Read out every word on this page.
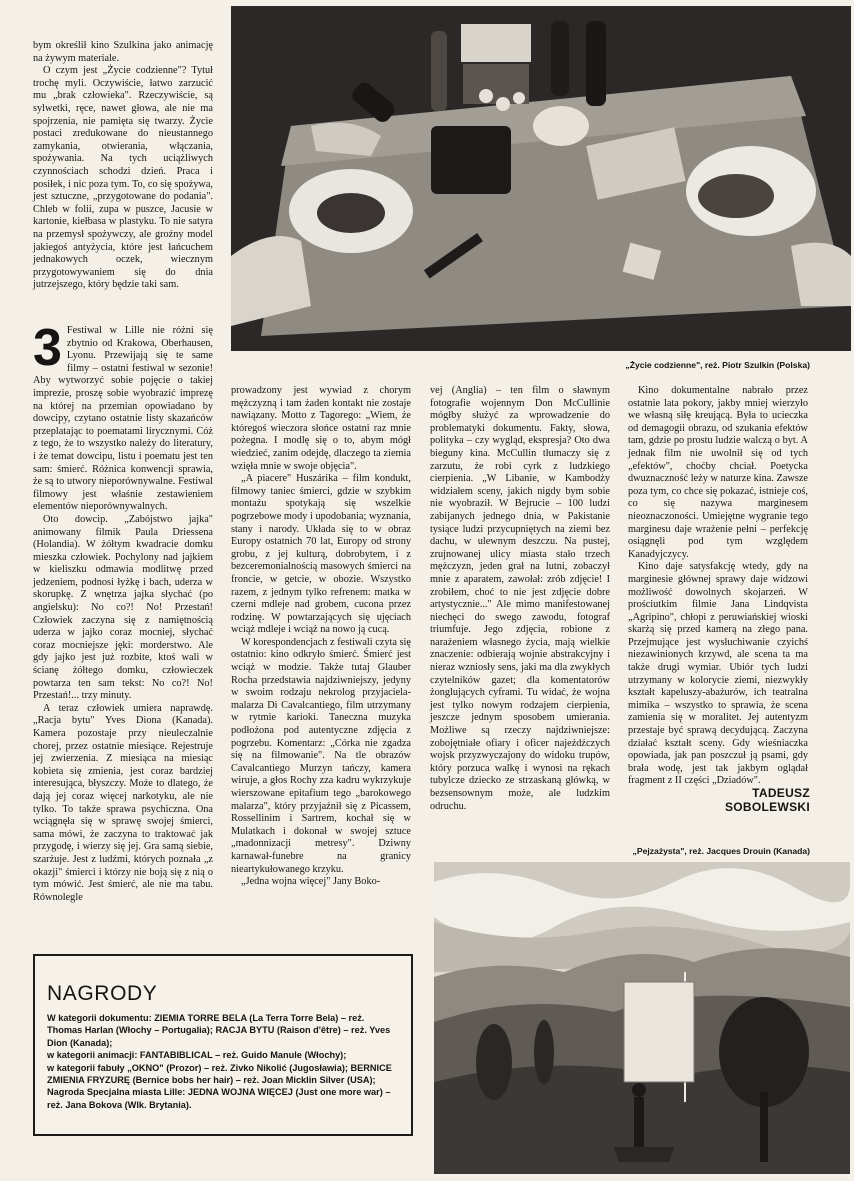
bym określił kino Szulkina jako animację na żywym materiale.

O czym jest „Życie codzienne"? Tytuł trochę myli. Oczywiście, łatwo zarzucić mu „brak człowieka". Rzeczywiście, są sylwetki, ręce, nawet głowa, ale nie ma spojrzenia, nie pamięta się twarzy. Życie postaci zredukowane do nieustannego zamykania, otwierania, włączania, spożywania. Na tych uciążliwych czynnościach schodzi dzień. Praca i posiłek, i nic poza tym. To, co się spożywa, jest sztuczne, „przygotowane do podania". Chleb w folii, zupa w puszce, Jacusie w kartonie, kiełbasa w plastyku. To nie satyra na przemysł spożywczy, ale groźny model jakiegoś antyżycia, które jest łańcuchem jednakowych oczek, wiecznym przygotowywaniem się do dnia jutrzejszego, który będzie taki sam.

„Życie codzienne", reż. Piotr Szulkin (Polska)

3 Festiwal w Lille nie różni się zbytnio od Krakowa, Oberhausen, Lyonu. Przewijają się te same filmy – ostatni festiwal w sezonie! Aby wytworzyć sobie pojęcie o takiej imprezie, proszę sobie wyobrazić imprezę na której na przemian opowiadano by dowcipy, czytano ostatnie listy skazańców przeplatając to poematami lirycznymi. Cóż z tego, że to wszystko należy do literatury, i że temat dowcipu, listu i poematu jest ten sam: śmierć. Różnica konwencji sprawia, że są to utwory nieporównywalne. Festiwal filmowy jest właśnie zestawieniem elementów nieporównywalnych.

Oto dowcip. „Zabójstwo jajka" animowany filmik Paula Driessena (Holandia). W żółtym kwadracie domku mieszka człowiek. Pochylony nad jajkiem w kieliszku odmawia modlitwę przed jedzeniem, podnosi łyżkę i bach, uderza w skorupkę. Z wnętrza jajka słychać (po angielsku): No co?! No! Przestań! Człowiek zaczyna się z namiętnością uderza w jajko coraz mocniej, słychać coraz mocniejsze jęki: morderstwo. Ale gdy jajko jest już rozbite, ktoś wali w ścianę żółtego domku, człowieczek powtarza ten sam tekst: No co?! No! Przestań!... trzy minuty.

A teraz człowiek umiera naprawdę. „Racja bytu" Yves Diona (Kanada). Kamera pozostaje przy nieuleczalnie chorej, przez ostatnie miesiące. Rejestruje jej zwierzenia. Z miesiąca na miesiąc kobieta się zmienia, jest coraz bardziej interesująca, błyszczy. Może to dlatego, że dają jej coraz więcej narkotyku, ale nie tylko. To także sprawa psychiczna. Ona wciągnęła się w sprawę swojej śmierci, sama mówi, że zaczyna to traktować jak przygodę, i wierzy się jej. Gra samą siebie, szarżuje. Jest z ludźmi, których poznała „z okazji" śmierci i którzy nie boją się z nią o tym mówić. Jest śmierć, ale nie ma tabu. Równolegle

prowadzony jest wywiad z chorym mężczyzną i tam żaden kontakt nie zostaje nawiązany. Motto z Tagorego: „Wiem, że któregoś wieczora słońce ostatni raz mnie pożegna. I modlę się o to, abym mógł wiedzieć, zanim odejdę, dlaczego ta ziemia wzięła mnie w swoje objęcia".

„A piacere" Huszárika – film kondukt, filmowy taniec śmierci, gdzie w szybkim montażu spotykają się wszelkie pogrzebowe mody i upodobania; wyznania, stany i narody. Układa się to w obraz Europy ostatnich 70 lat, Europy od strony grobu, z jej kulturą, dobrobytem, i z bezceremonialnością masowych śmierci na froncie, w getcie, w obozie. Wszystko razem, z jednym tylko refrenem: matka w czerni mdleje nad grobem, cucona przez rodzinę. W powtarzających się ujęciach wciąż mdleje i wciąż na nowo ją cucą.

W korespondencjach z festiwali czyta się ostatnio: kino odkryło śmierć. Śmierć jest wciąż w modzie. Także tutaj Glauber Rocha przedstawia najdziwniejszy, jedyny w swoim rodzaju nekrolog przyjaciela-malarza Di Cavalcantiego, film utrzymany w rytmie karioki. Taneczna muzyka podłożona pod autentyczne zdjęcia z pogrzebu. Komentarz: „Córka nie zgadza się na filmowanie". Na tle obrazów Cavalcantiego Murzyn tańczy, kamera wiruje, a głos Rochy zza kadru wykrzykuje wierszowane epitafium tego „barokowego malarza", który przyjaźnił się z Picassem, Rossellinim i Sartrem, kochał się w Mulatkach i dokonał w swojej sztuce „madonnizacji metresy". Dziwny karnawał-funebre na granicy nieartykułowanego krzyku.

„Jedna wojna więcej" Jany Boko-

vej (Anglia) – ten film o sławnym fotografie wojennym Don McCullinie mógłby służyć za wprowadzenie do problematyki dokumentu. Fakty, słowa, polityka – czy wygląd, ekspresja? Oto dwa bieguny kina. McCullin tłumaczy się z zarzutu, że robi cyrk z ludzkiego cierpienia. „W Libanie, w Kambodży widziałem sceny, jakich nigdy bym sobie nie wyobraził. W Bejrucie – 100 ludzi zabijanych jednego dnia, w Pakistanie tysiące ludzi przycupniętych na ziemi bez dachu, w ulewnym deszczu. Na pustej, zrujnowanej ulicy miasta stało trzech mężczyzn, jeden grał na lutni, zobaczył mnie z aparatem, zawołał: zrób zdjęcie! I zrobiłem, choć to nie jest zdjęcie dobre artystycznie..." Ale mimo manifestowanej niechęci do swego zawodu, fotograf triumfuje. Jego zdjęcia, robione z narażeniem własnego życia, mają wielkie znaczenie: odbierają wojnie abstrakcyjny i nieraz wzniosły sens, jaki ma dla zwykłych czytelników gazet; dla komentatorów żonglujących cyframi. Tu widać, że wojna jest tylko nowym rodzajem cierpienia, jeszcze jednym sposobem umierania. Możliwe są rzeczy najdziwniejsze: zobojętniałe ofiary i oficer najeźdźczych wojsk przyzwyczajony do widoku trupów, który porzuca walkę i wynosi na rękach tubylcze dziecko ze strzaskaną główką, w bezsensownym może, ale ludzkim odruchu.

Kino dokumentalne nabrało przez ostatnie lata pokory, jakby mniej wierzyło we własną siłę kreującą. Była to ucieczka od demagogii obrazu, od szukania efektów tam, gdzie po prostu ludzie walczą o byt. A jednak film nie uwolnił się od tych „efektów", choćby chciał. Poetycka dwuznaczność leży w naturze kina. Zawsze poza tym, co chce się pokazać, istnieje coś, co się nazywa marginesem nieoznaczoności. Umiejętne wygranie tego marginesu daje wrażenie pełni – perfekcję osiągnęli pod tym względem Kanadyjczycy.

Kino daje satysfakcję wtedy, gdy na marginesie głównej sprawy daje widzowi możliwość dowolnych skojarzeń. W prościutkim filmie Jana Lindqvista „Agripino", chłopi z peruwiańskiej wioski skarżą się przed kamerą na złego pana. Przejmujące jest wysłuchiwanie czyichś niezawinionych krzywd, ale scena ta ma także drugi wymiar. Ubiór tych ludzi utrzymany w kolorycie ziemi, niezwykły kształt kapeluszy-abażurów, ich teatralna mimika – wszystko to sprawia, że scena zamienia się w moralitet. Jej autentyzm przestaje być sprawą decydującą. Zaczyna działać kształt sceny. Gdy wieśniaczka opowiada, jak pan poszczuł ją psami, gdy brała wodę, jest tak jakbym oglądał fragment z II części „Dziadów".

TADEUSZ
SOBOLEWSKI
„Pejzażysta", reż. Jacques Drouin (Kanada)
NAGRODY
W kategorii dokumentu: ZIEMIA TORRE BELA (La Terra Torre Bela) – reż. Thomas Harlan (Włochy – Portugalia); RACJA BYTU (Raison d'être) – reż. Yves Dion (Kanada);
w kategorii animacji: FANTABIBLICAL – reż. Guido Manule (Włochy);
w kategorii fabuły „OKNO" (Prozor) – reż. Zivko Nikolić (Jugosławia); BERNICE ZMIENIA FRYZURĘ (Bernice bobs her hair) – reż. Joan Micklin Silver (USA);
Nagroda Specjalna miasta Lille: JEDNA WOJNA WIĘCEJ (Just one more war) – reż. Jana Bokova (Wlk. Brytania).
